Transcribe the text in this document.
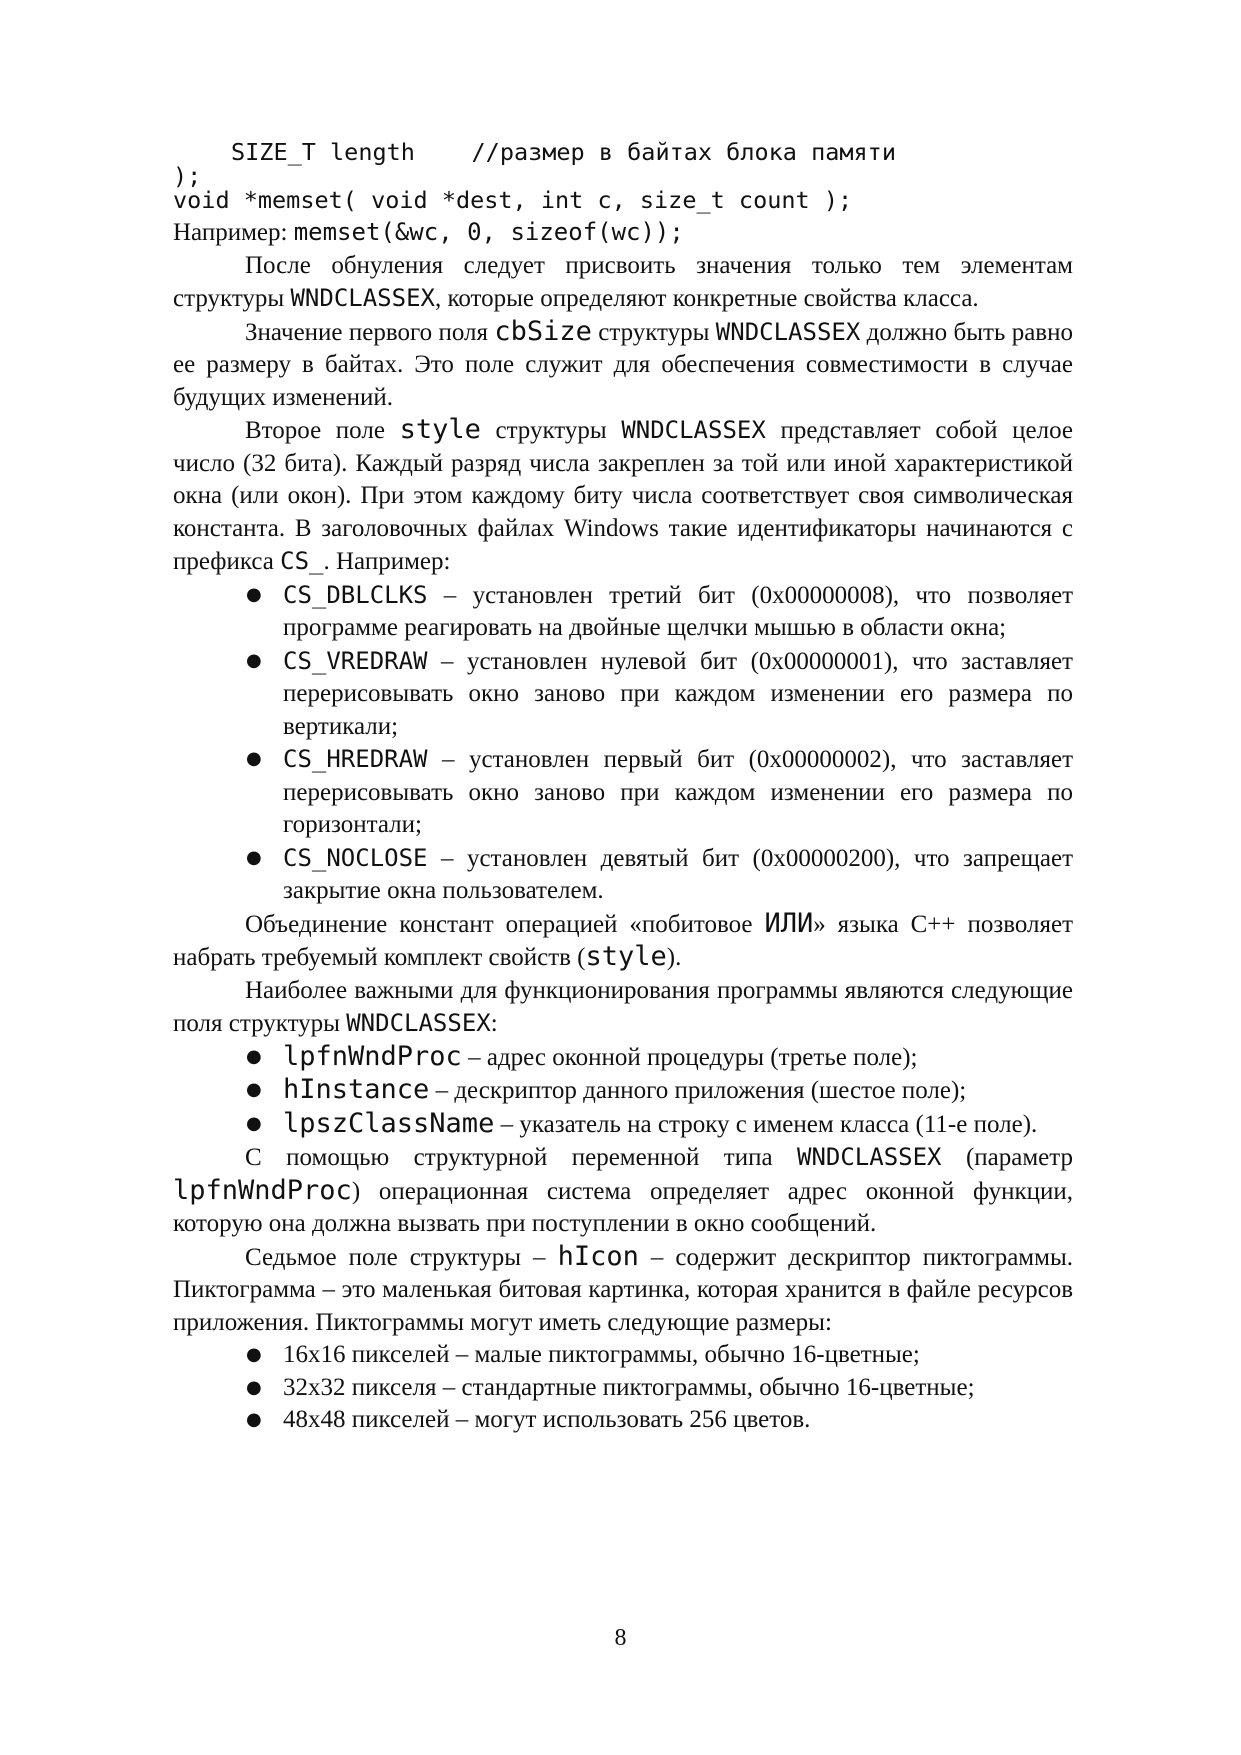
SIZE_T length    //размер в байтах блока памяти
);
void *memset( void *dest, int c, size_t count );

Например: memset(&wc, 0, sizeof(wc));

После обнуления следует присвоить значения только тем элементам структуры WNDCLASSEX, которые определяют конкретные свойства класса.

Значение первого поля cbSize структуры WNDCLASSEX должно быть равно ее размеру в байтах. Это поле служит для обеспечения совместимости в случае будущих изменений.

Второе поле style структуры WNDCLASSEX представляет собой целое число (32 бита). Каждый разряд числа закреплен за той или иной характеристикой окна (или окон). При этом каждому биту числа соответствует своя символическая константа. В заголовочных файлах Windows такие идентификаторы начинаются с префикса CS_. Например:

● CS_DBLCLKS – установлен третий бит (0x00000008), что позволяет программе реагировать на двойные щелчки мышью в области окна;
● CS_VREDRAW – установлен нулевой бит (0x00000001), что заставляет перерисовывать окно заново при каждом изменении его размера по вертикали;
● CS_HREDRAW – установлен первый бит (0x00000002), что заставляет перерисовывать окно заново при каждом изменении его размера по горизонтали;
● CS_NOCLOSE – установлен девятый бит (0x00000200), что запрещает закрытие окна пользователем.

Объединение констант операцией «побитовое ИЛИ» языка C++ позволяет набрать требуемый комплект свойств (style).

Наиболее важными для функционирования программы являются следующие поля структуры WNDCLASSEX:

● lpfnWndProc – адрес оконной процедуры (третье поле);
● hInstance – дескриптор данного приложения (шестое поле);
● lpszClassName – указатель на строку с именем класса (11-е поле).

С помощью структурной переменной типа WNDCLASSEX (параметр lpfnWndProc) операционная система определяет адрес оконной функции, которую она должна вызвать при поступлении в окно сообщений.

Седьмое поле структуры – hIcon – содержит дескриптор пиктограммы. Пиктограмма – это маленькая битовая картинка, которая хранится в файле ресурсов приложения. Пиктограммы могут иметь следующие размеры:

● 16x16 пикселей – малые пиктограммы, обычно 16-цветные;
● 32x32 пикселя – стандартные пиктограммы, обычно 16-цветные;
● 48x48 пикселей – могут использовать 256 цветов.
8
